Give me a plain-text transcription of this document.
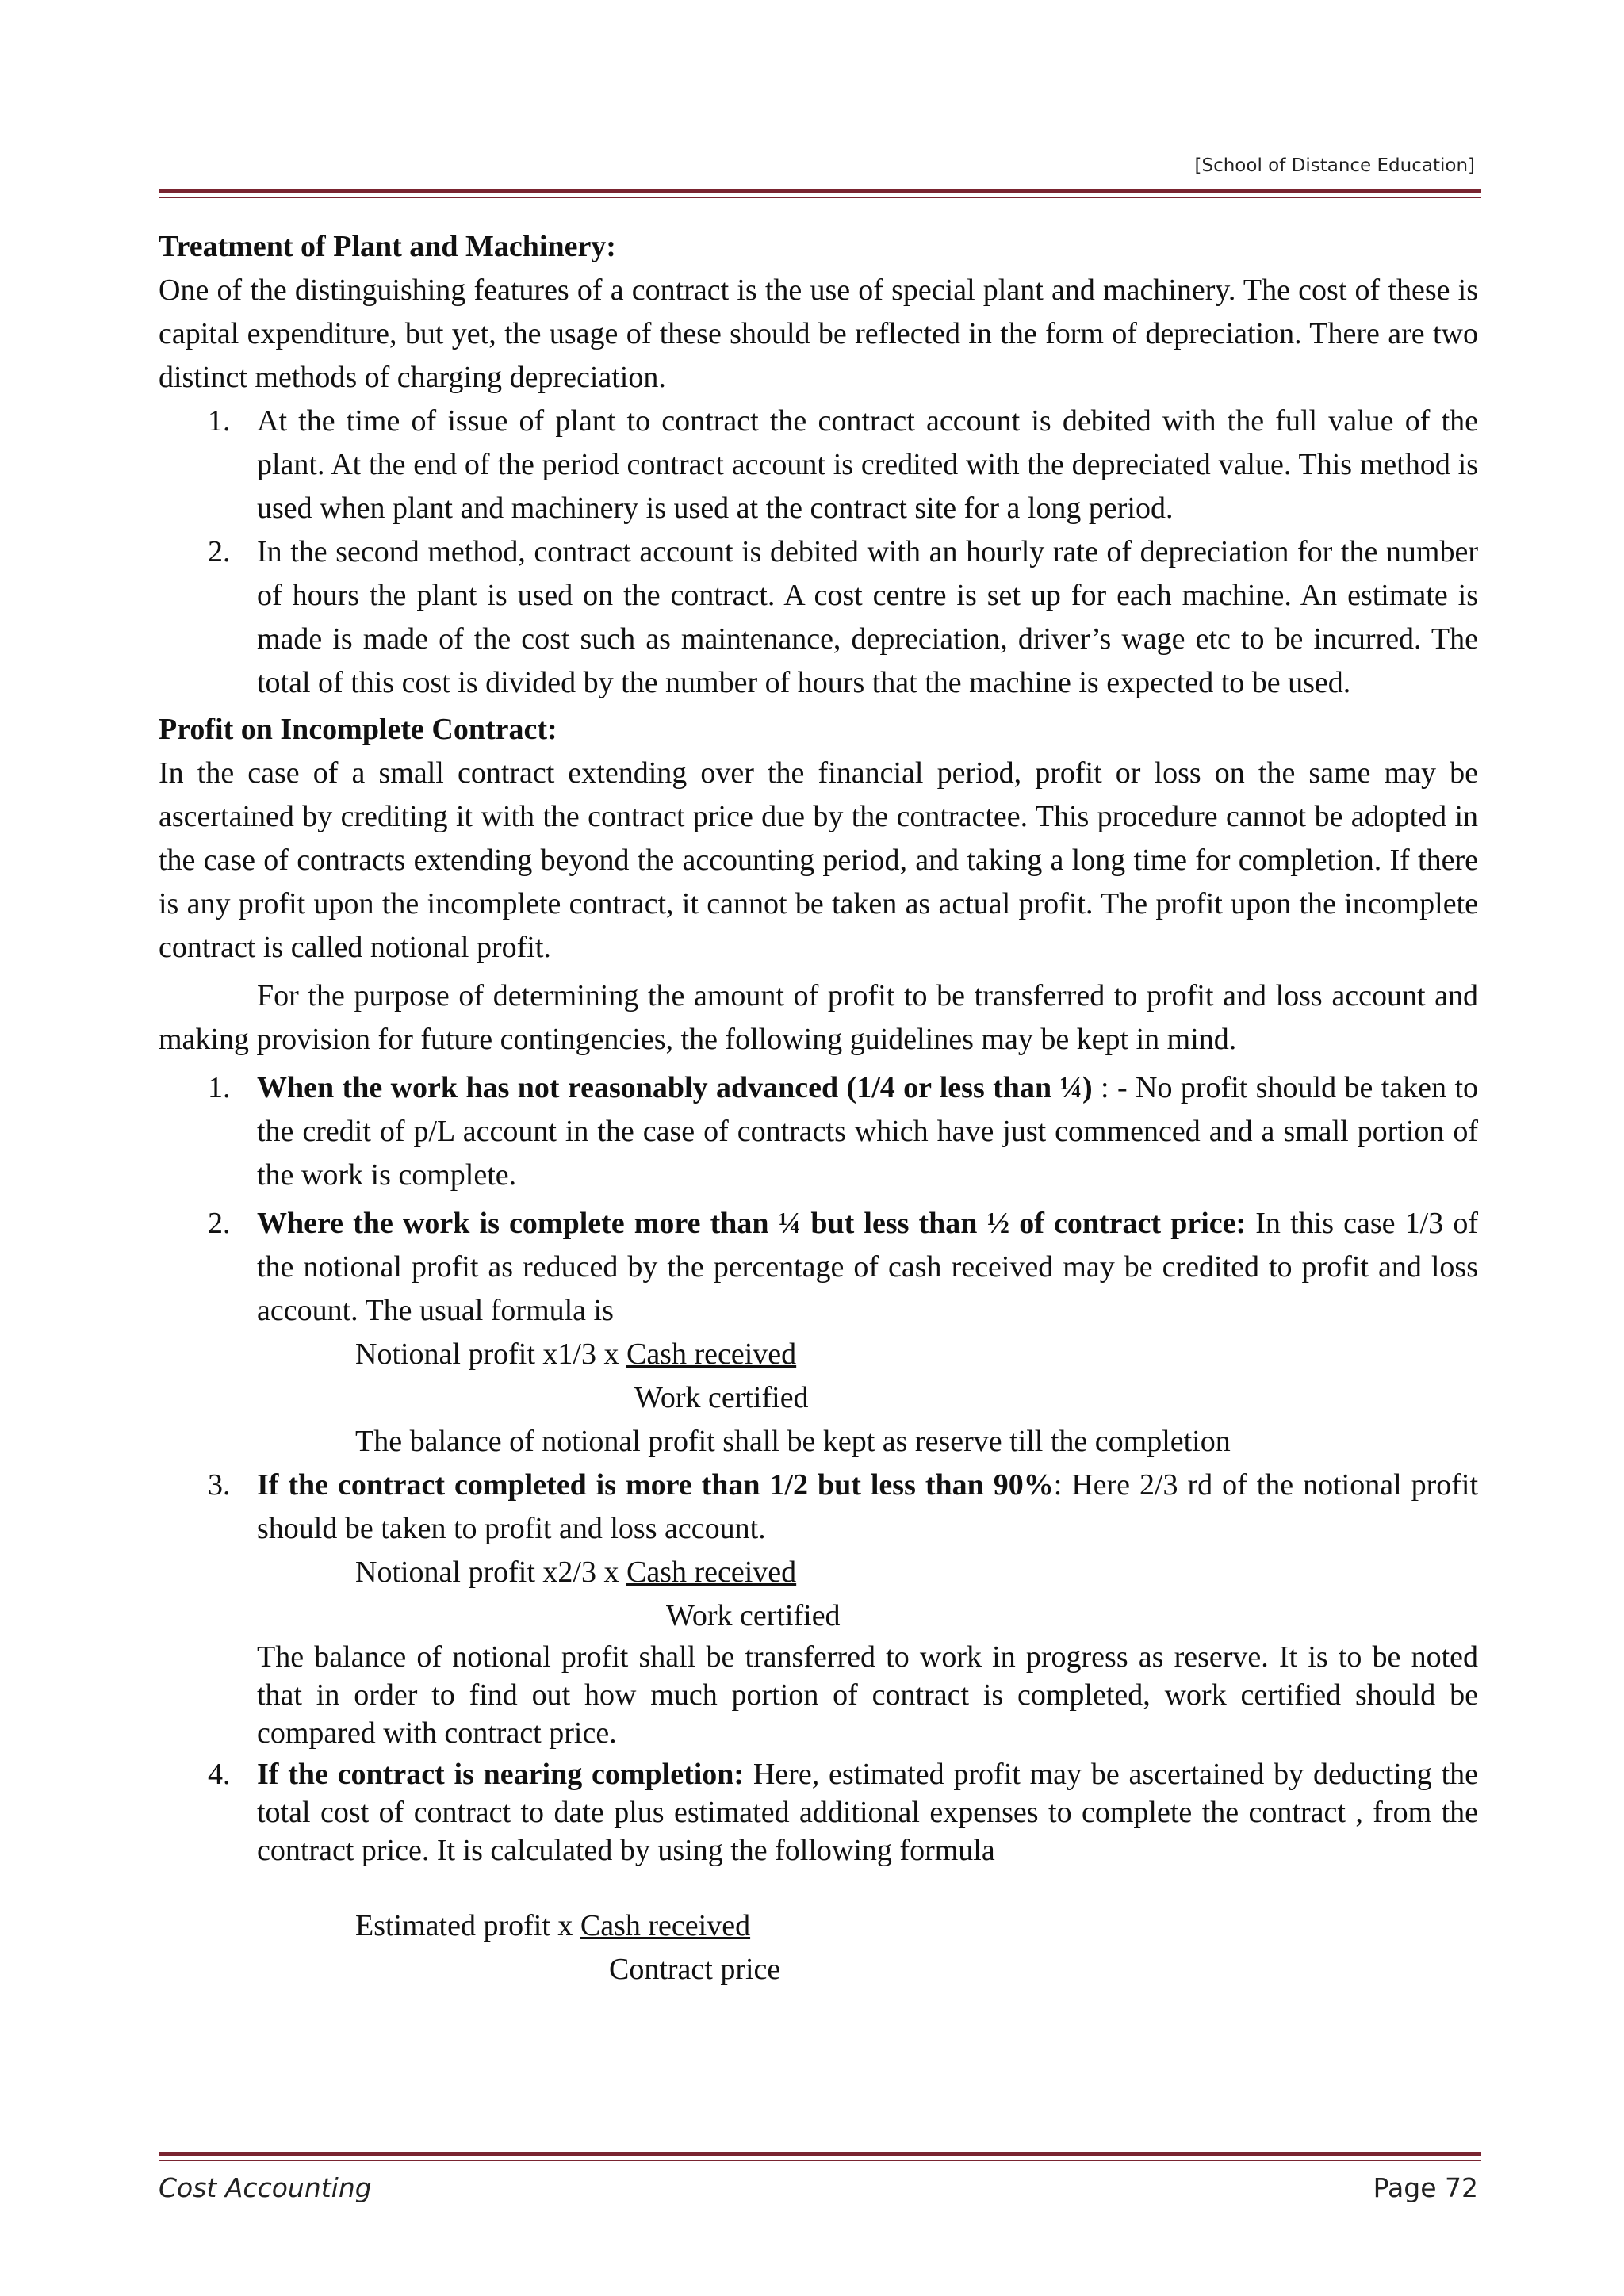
[School of Distance Education]

Treatment of Plant and Machinery:

One of the distinguishing features of a contract is the use of special plant and machinery. The cost of these is capital expenditure, but yet, the usage of these should be reflected in the form of depreciation. There are two distinct methods of charging depreciation.

1. At the time of issue of plant to contract the contract account is debited with the full value of the plant. At the end of the period contract account is credited with the depreciated value. This method is used when plant and machinery is used at the contract site for a long period.
2. In the second method, contract account is debited with an hourly rate of depreciation for the number of hours the plant is used on the contract. A cost centre is set up for each machine. An estimate is made is made of the cost such as maintenance, depreciation, driver’s wage etc to be incurred. The total of this cost is divided by the number of hours that the machine is expected to be used.

Profit on Incomplete Contract:

In the case of a small contract extending over the financial period, profit or loss on the same may be ascertained by crediting it with the contract price due by the contractee. This procedure cannot be adopted in the case of contracts extending beyond the accounting period, and taking a long time for completion. If there is any profit upon the incomplete contract, it cannot be taken as actual profit. The profit upon the incomplete contract is called notional profit.

For the purpose of determining the amount of profit to be transferred to profit and loss account and making provision for future contingencies, the following guidelines may be kept in mind.

1. When the work has not reasonably advanced (1/4 or less than ¼) : - No profit should be taken to the credit of p/L account in the case of contracts which have just commenced and a small portion of the work is complete.
2. Where the work is complete more than ¼ but less than ½ of contract price: In this case 1/3 of the notional profit as reduced by the percentage of cash received may be credited to profit and loss account. The usual formula is
Notional profit x1/3 x Cash received
Work certified
The balance of notional profit shall be kept as reserve till the completion
3. If the contract completed is more than 1/2 but less than 90%: Here 2/3 rd of the notional profit should be taken to profit and loss account.
Notional profit x2/3 x Cash received
Work certified
The balance of notional profit shall be transferred to work in progress as reserve. It is to be noted that in order to find out how much portion of contract is completed, work certified should be compared with contract price.
4. If the contract is nearing completion: Here, estimated profit may be ascertained by deducting the total cost of contract to date plus estimated additional expenses to complete the contract , from the contract price. It is calculated by using the following formula
Estimated profit x Cash received
Contract price
Cost Accounting	Page 72
